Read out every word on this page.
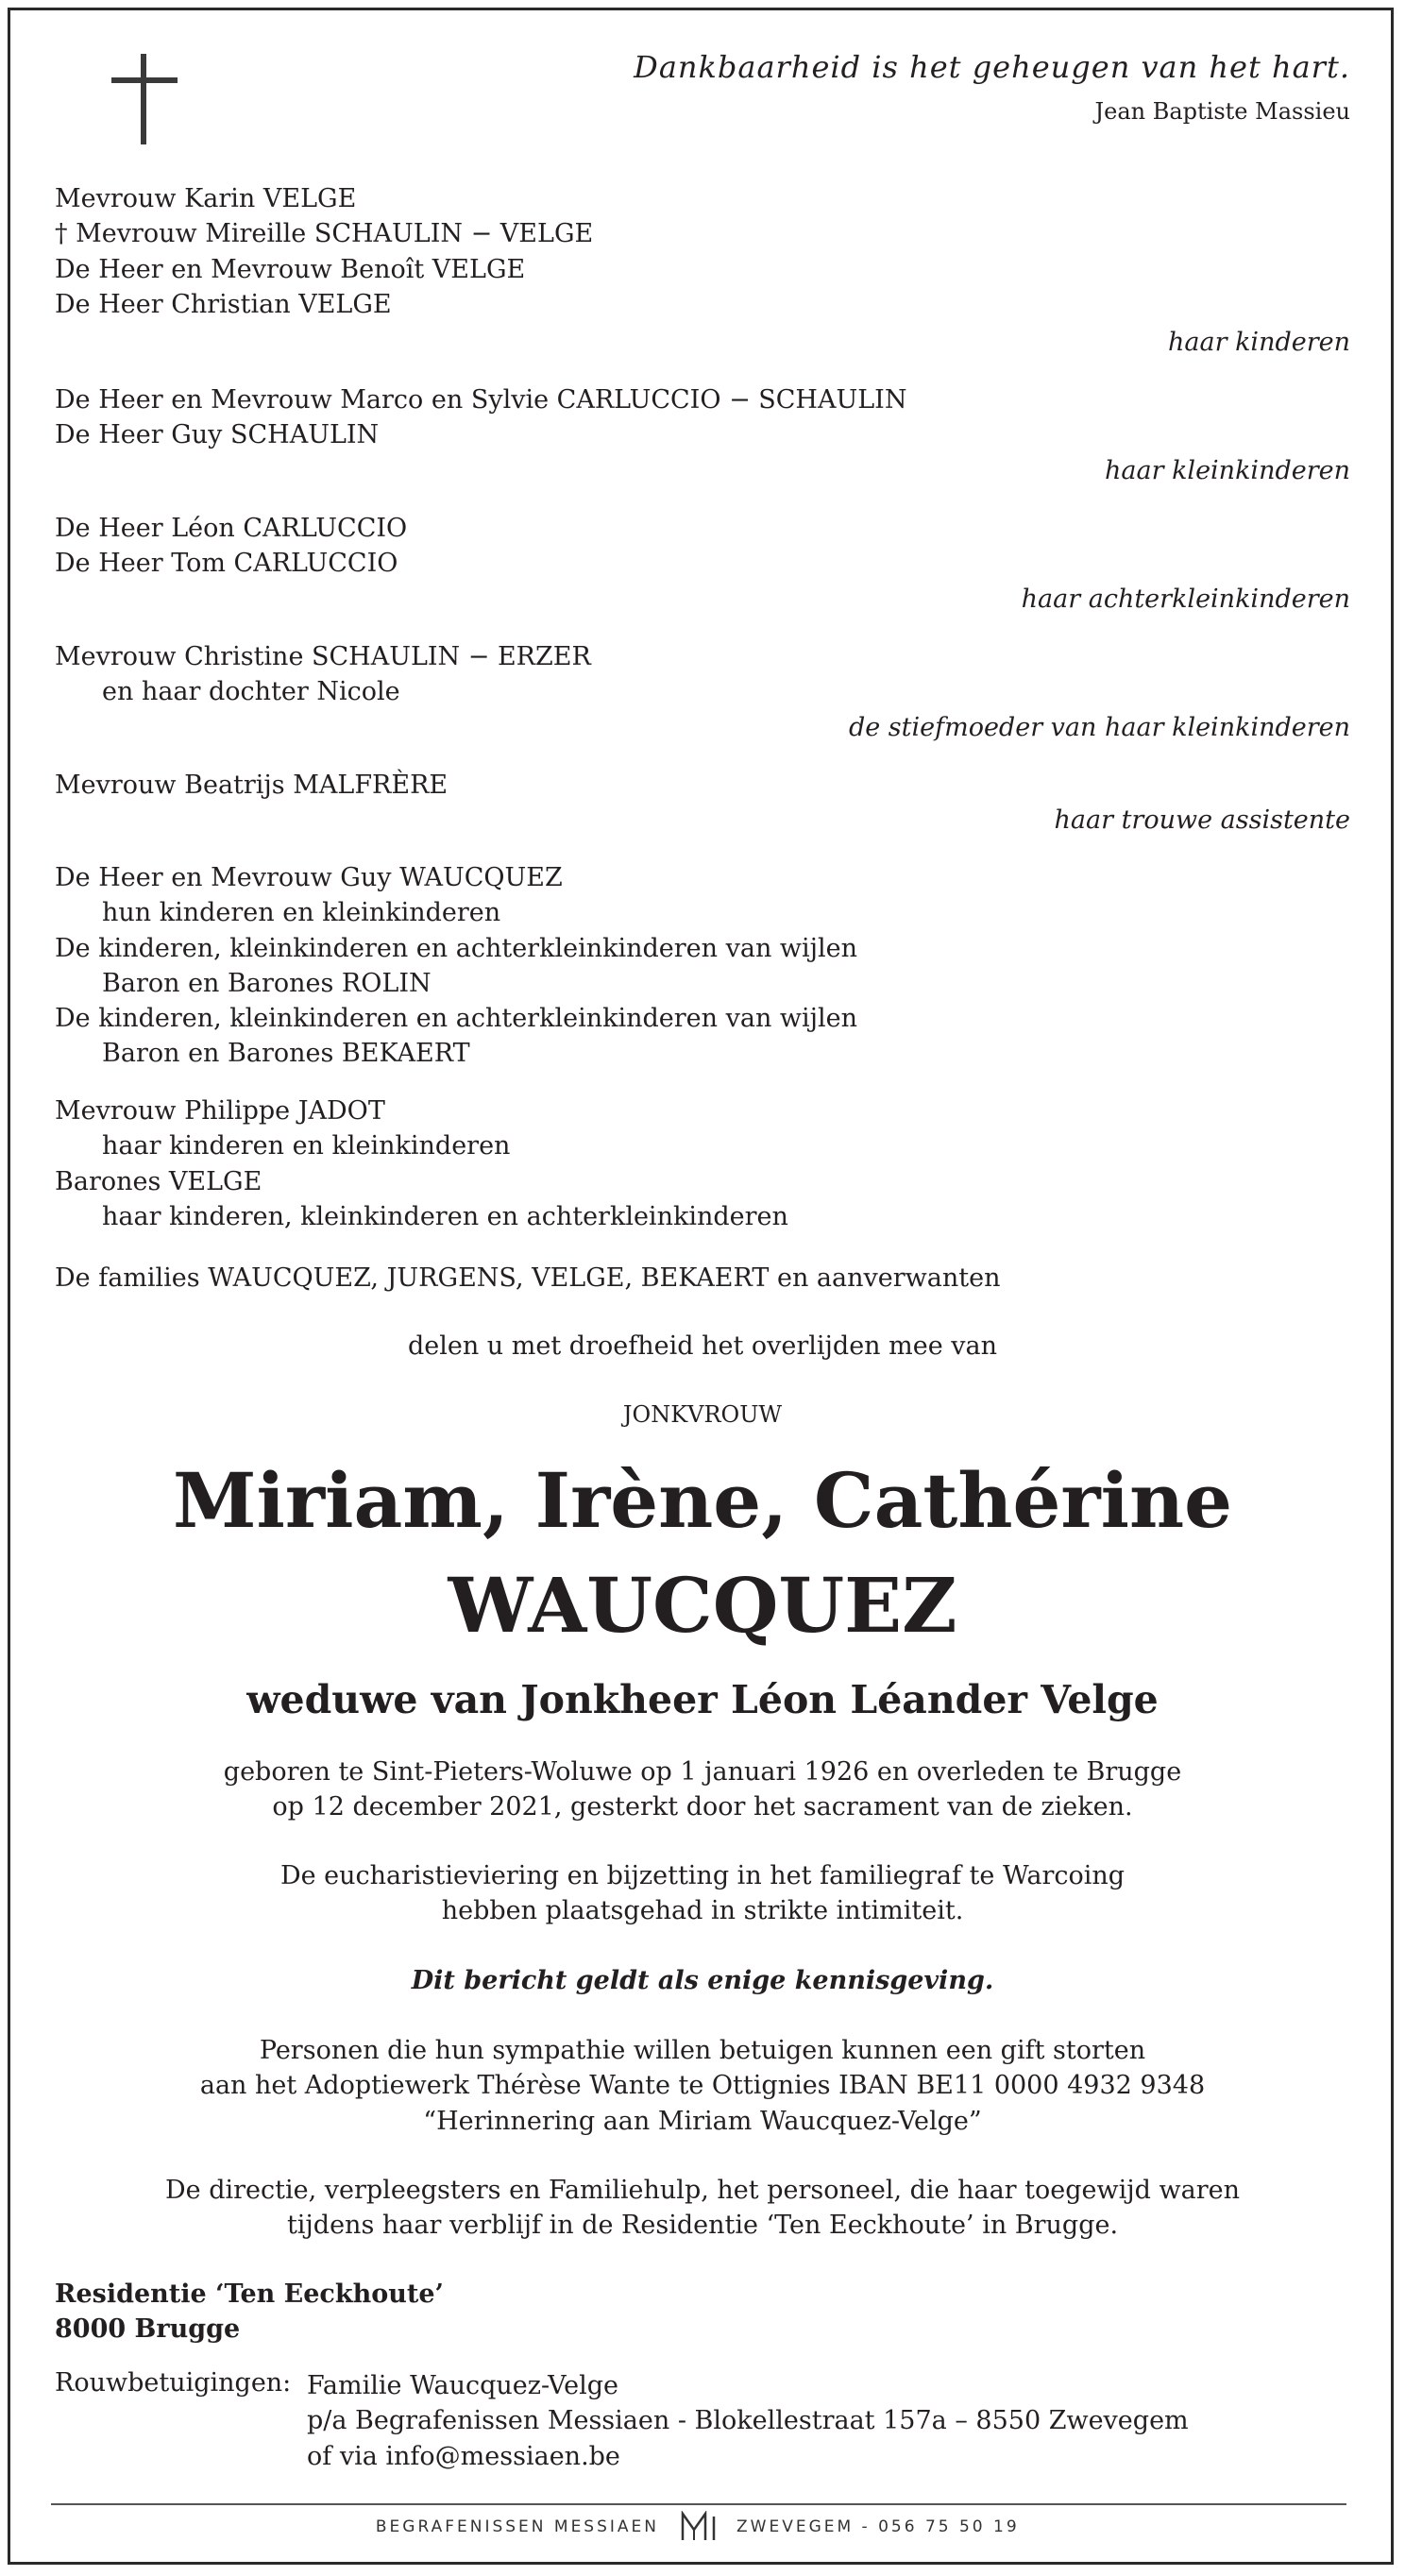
Dankbaarheid is het geheugen van het hart.
Jean Baptiste Massieu
Mevrouw Karin VELGE
† Mevrouw Mireille SCHAULIN − VELGE
De Heer en Mevrouw Benoît VELGE
De Heer Christian VELGE
haar kinderen
De Heer en Mevrouw Marco en Sylvie CARLUCCIO − SCHAULIN
De Heer Guy SCHAULIN
haar kleinkinderen
De Heer Léon CARLUCCIO
De Heer Tom CARLUCCIO
haar achterkleinkinderen
Mevrouw Christine SCHAULIN − ERZER
en haar dochter Nicole
de stiefmoeder van haar kleinkinderen
Mevrouw Beatrijs MALFRÈRE
haar trouwe assistente
De Heer en Mevrouw Guy WAUCQUEZ
hun kinderen en kleinkinderen
De kinderen, kleinkinderen en achterkleinkinderen van wijlen
Baron en Barones ROLIN
De kinderen, kleinkinderen en achterkleinkinderen van wijlen
Baron en Barones BEKAERT
Mevrouw Philippe JADOT
haar kinderen en kleinkinderen
Barones VELGE
haar kinderen, kleinkinderen en achterkleinkinderen
De families WAUCQUEZ, JURGENS, VELGE, BEKAERT en aanverwanten
delen u met droefheid het overlijden mee van
JONKVROUW
Miriam, Irène, Cathérine
WAUCQUEZ
weduwe van Jonkheer Léon Léander Velge
geboren te Sint-Pieters-Woluwe op 1 januari 1926 en overleden te Brugge
op 12 december 2021, gesterkt door het sacrament van de zieken.
De eucharistieviering en bijzetting in het familiegraf te Warcoing
hebben plaatsgehad in strikte intimiteit.
Dit bericht geldt als enige kennisgeving.
Personen die hun sympathie willen betuigen kunnen een gift storten
aan het Adoptiewerk Thérèse Wante te Ottignies IBAN BE11 0000 4932 9348
“Herinnering aan Miriam Waucquez-Velge”
De directie, verpleegsters en Familiehulp, het personeel, die haar toegewijd waren
tijdens haar verblijf in de Residentie ‘Ten Eeckhoute’ in Brugge.
Residentie ‘Ten Eeckhoute’
8000 Brugge
Rouwbetuigingen: Familie Waucquez-Velge
p/a Begrafenissen Messiaen - Blokellestraat 157a – 8550 Zwevegem
of via info@messiaen.be
BEGRAFENISSEN MESSIAEN	ZWEVEGEM - 056 75 50 19
